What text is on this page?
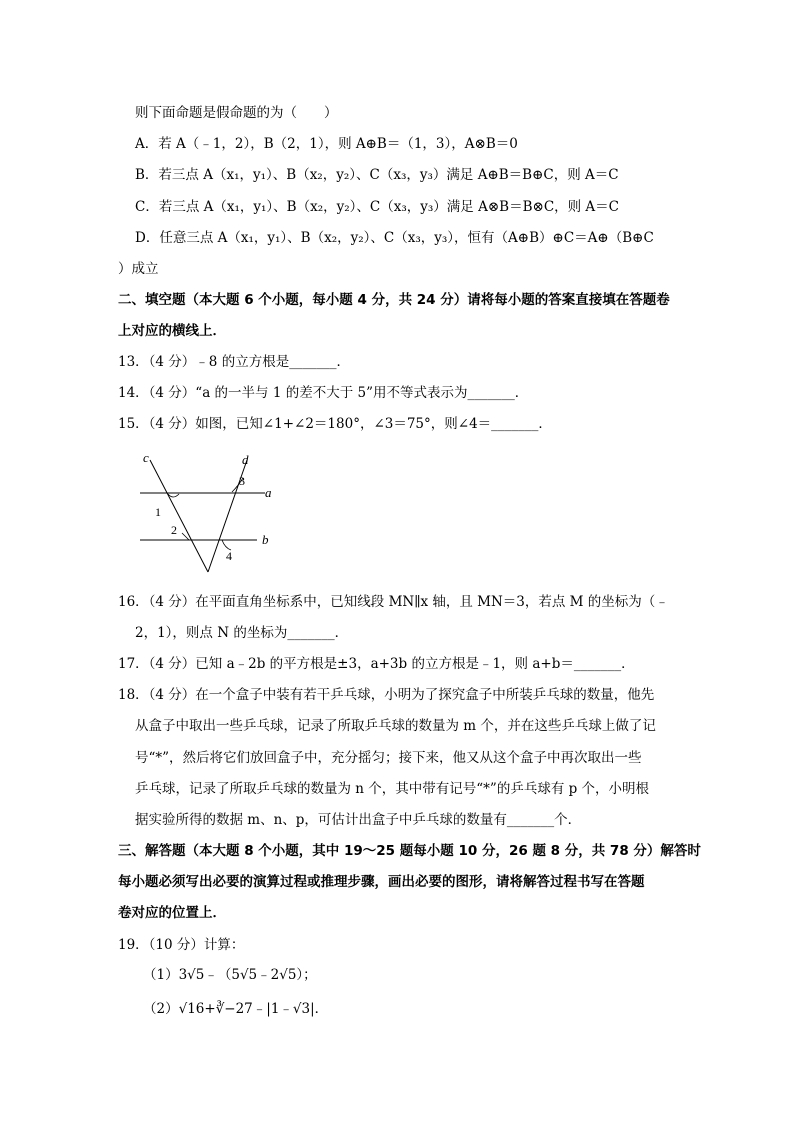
则下面命题是假命题的为（　　）
A．若 A（﹣1，2），B（2，1），则 A⊕B＝（1，3），A⊗B＝0
B．若三点 A（x₁，y₁）、B（x₂，y₂）、C（x₃，y₃）满足 A⊕B＝B⊕C，则 A＝C
C．若三点 A（x₁，y₁）、B（x₂，y₂）、C（x₃，y₃）满足 A⊗B＝B⊗C，则 A＝C
D．任意三点 A（x₁，y₁）、B（x₂，y₂）、C（x₃，y₃），恒有（A⊕B）⊕C＝A⊕（B⊕C
）成立
二、填空题（本大题 6 个小题，每小题 4 分，共 24 分）请将每小题的答案直接填在答题卷
上对应的横线上．
13．（4 分）﹣8 的立方根是_______．
14．（4 分）“a 的一半与 1 的差不大于 5”用不等式表示为_______．
15．（4 分）如图，已知∠1+∠2＝180°，∠3＝75°，则∠4＝_______．
c	d
a
b
1
2
3
4
16．（4 分）在平面直角坐标系中，已知线段 MN∥x 轴，且 MN＝3，若点 M 的坐标为（﹣
2，1），则点 N 的坐标为_______．
17．（4 分）已知 a﹣2b 的平方根是±3，a+3b 的立方根是﹣1，则 a+b＝_______．
18．（4 分）在一个盒子中装有若干乒乓球，小明为了探究盒子中所装乒乓球的数量，他先
从盒子中取出一些乒乓球，记录了所取乒乓球的数量为 m 个，并在这些乒乓球上做了记
号“*”，然后将它们放回盒子中，充分摇匀；接下来，他又从这个盒子中再次取出一些
乒乓球，记录了所取乒乓球的数量为 n 个，其中带有记号“*”的乒乓球有 p 个，小明根
据实验所得的数据 m、n、p，可估计出盒子中乒乓球的数量有_______个．
三、解答题（本大题 8 个小题，其中 19～25 题每小题 10 分，26 题 8 分，共 78 分）解答时
每小题必须写出必要的演算过程或推理步骤，画出必要的图形，请将解答过程书写在答题
卷对应的位置上．
19．（10 分）计算：
（1）3√5﹣（5√5﹣2√5）；
（2）√16+∛−27﹣|1﹣√3|．
